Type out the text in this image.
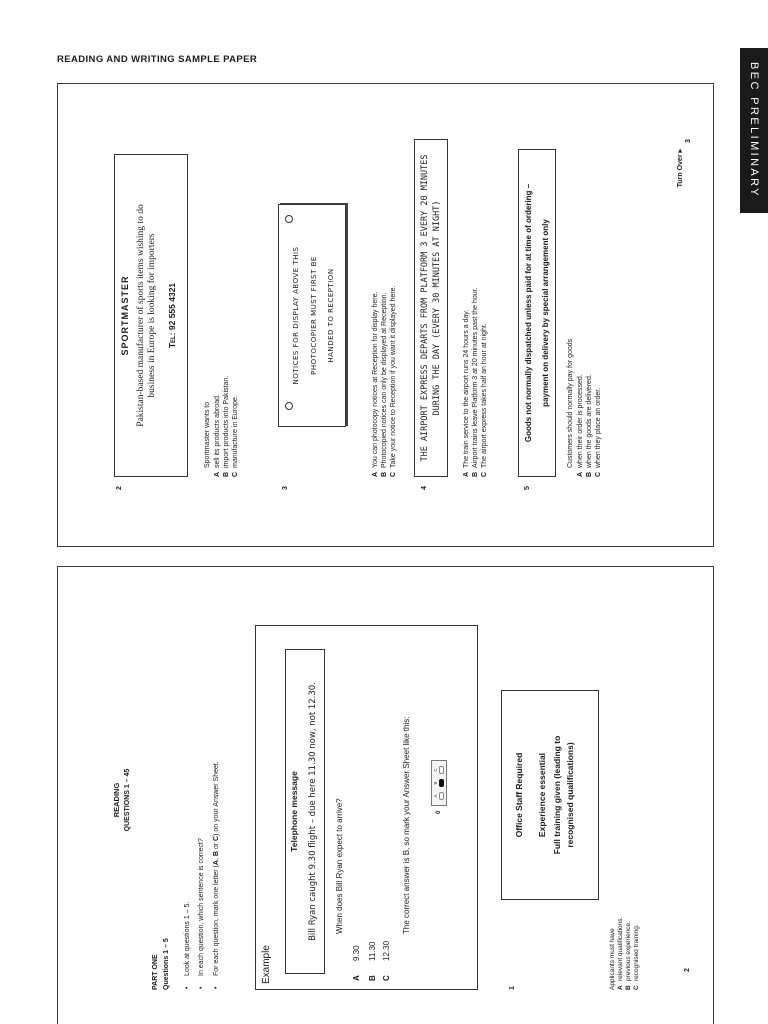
READING AND WRITING SAMPLE PAPER
BEC PRELIMINARY
2
SPORTMASTER Pakistan-based manufacturer of sports items wishing to do business in Europe is looking for importers Tel: 92 555 4321
Sportmaster wants to
A
sell its products abroad.
B
import products into Pakistan.
C
manufacture in Europe.
3
NOTICES FOR DISPLAY ABOVE THIS PHOTOCOPIER MUST FIRST BE HANDED TO RECEPTION
A
You can photocopy notices at Reception for display here.
B
Photocopied notices can only be displayed at Reception.
C
Take your notice to Reception if you want it displayed here.
4
THE AIRPORT EXPRESS DEPARTS FROM PLATFORM 3 EVERY 20 MINUTES DURING THE DAY (EVERY 30 MINUTES AT NIGHT)
A
The train service to the airport runs 24 hours a day.
B
Airport trains leave Platform 3 at 20 minutes past the hour.
C
The airport express takes half an hour at night.
5
Goods not normally dispatched unless paid for at time of ordering – payment on delivery by special arrangement only Customers should normally pay for goods
A
when their order is processed.
B
when the goods are delivered.
C
when they place an order.
Turn Over ▸
3
READING QUESTIONS 1 – 45
PART ONE Questions 1 – 5 •
Look at questions 1 – 5.
•
In each question, which sentence is correct?
•
For each question, mark one letter (A, B or C) on your Answer Sheet.
Example
Telephone message Bill Ryan caught 9.30 flight – due here 11.30 now, not 12.30. When does Bill Ryan expect to arrive?
A
9.30
B
11.30
C
12.30
The correct answer is B, so mark your Answer Sheet like this:	0
A
B
C
1
Office Staff Required Experience essential Full training given (leading to recognised qualifications)
Applicants must have A
relevant qualifications.
B
previous experience.
C
recognised training.	2
